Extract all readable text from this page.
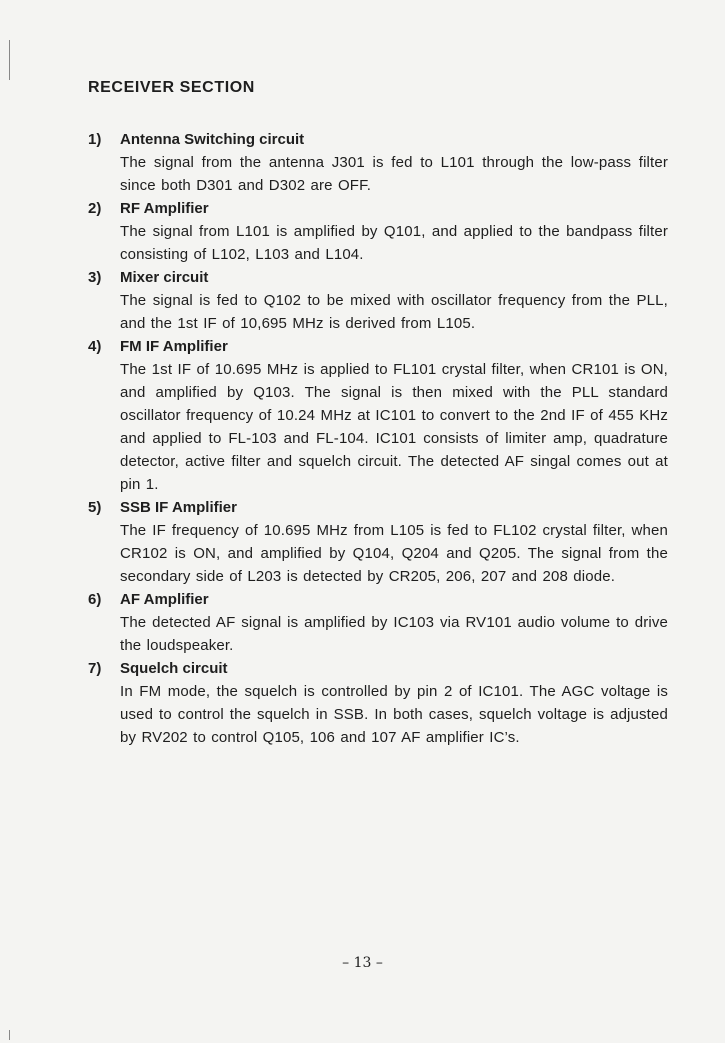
RECEIVER SECTION
1) Antenna Switching circuit

The signal from the antenna J301 is fed to L101 through the low-pass filter since both D301 and D302 are OFF.

2) RF Amplifier

The signal from L101 is amplified by Q101, and applied to the bandpass filter consisting of L102, L103 and L104.

3) Mixer circuit

The signal is fed to Q102 to be mixed with oscillator frequency from the PLL, and the 1st IF of 10,695 MHz is derived from L105.

4) FM IF Amplifier

The 1st IF of 10.695 MHz is applied to FL101 crystal filter, when CR101 is ON, and amplified by Q103. The signal is then mixed with the PLL standard oscillator frequency of 10.24 MHz at IC101 to convert to the 2nd IF of 455 KHz and applied to FL-103 and FL-104. IC101 consists of limiter amp, quadrature detector, active filter and squelch circuit. The detected AF singal comes out at pin 1.

5) SSB IF Amplifier

The IF frequency of 10.695 MHz from L105 is fed to FL102 crystal filter, when CR102 is ON, and amplified by Q104, Q204 and Q205. The signal from the secondary side of L203 is detected by CR205, 206, 207 and 208 diode.

6) AF Amplifier

The detected AF signal is amplified by IC103 via RV101 audio volume to drive the loudspeaker.

7) Squelch circuit

In FM mode, the squelch is controlled by pin 2 of IC101. The AGC voltage is used to control the squelch in SSB. In both cases, squelch voltage is adjusted by RV202 to control Q105, 106 and 107 AF amplifier IC’s.

– 13 –
